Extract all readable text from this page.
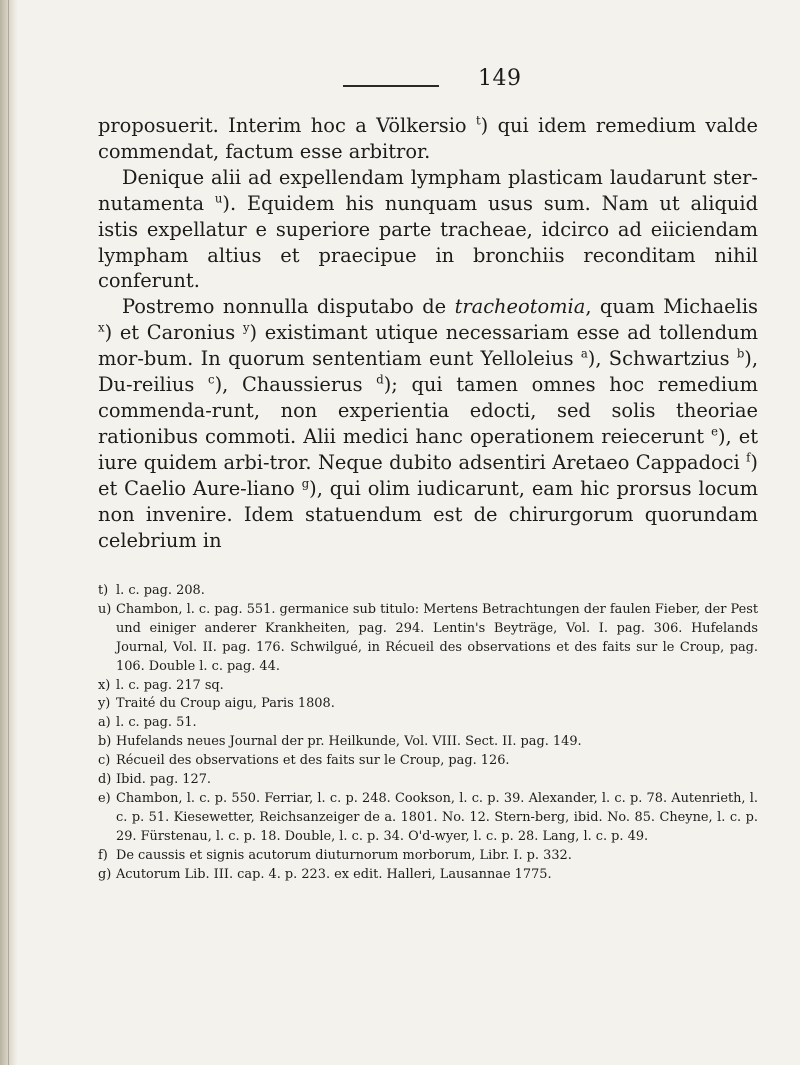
149

proposuerit. Interim hoc a Völkersio $^t$) qui idem remedium valde commendat, factum esse arbitror.

Denique alii ad expellendam lympham plasticam laudarunt ster-nutamenta $^u$). Equidem his nunquam usus sum. Nam ut aliquid istis expellatur e superiore parte tracheae, idcirco ad eiiciendam lympham altius et praecipue in bronchiis reconditam nihil conferunt.

Postremo nonnulla disputabo de tracheotomia, quam Michaelis $^x$) et Caronius $^y$) existimant utique necessariam esse ad tollendum mor-bum. In quorum sententiam eunt Yelloleius $^a$), Schwartzius $^b$), Du-reilius $^c$), Chaussierus $^d$); qui tamen omnes hoc remedium commenda-runt, non experientia edocti, sed solis theoriae rationibus commoti. Alii medici hanc operationem reiecerunt $^e$), et iure quidem arbi-tror. Neque dubito adsentiri Aretaeo Cappadoci $^f$) et Caelio Aure-liano $^g$), qui olim iudicarunt, eam hic prorsus locum non invenire. Idem statuendum est de chirurgorum quorundam celebrium in

t) l. c. pag. 208.

u) Chambon, l. c. pag. 551. germanice sub titulo: Mertens Betrachtungen der faulen Fieber, der Pest und einiger anderer Krankheiten, pag. 294. Lentin's Beyträge, Vol. I. pag. 306. Hufelands Journal, Vol. II. pag. 176. Schwilgué, in Récueil des observations et des faits sur le Croup, pag. 106. Double l. c. pag. 44.

x) l. c. pag. 217 sq.

y) Traité du Croup aigu, Paris 1808.

a) l. c. pag. 51.

b) Hufelands neues Journal der pr. Heilkunde, Vol. VIII. Sect. II. pag. 149.

c) Récueil des observations et des faits sur le Croup, pag. 126.

d) Ibid. pag. 127.

e) Chambon, l. c. p. 550. Ferriar, l. c. p. 248. Cookson, l. c. p. 39. Alexander, l. c. p. 78. Autenrieth, l. c. p. 51. Kiesewetter, Reichsanzeiger de a. 1801. No. 12. Stern-berg, ibid. No. 85. Cheyne, l. c. p. 29. Fürstenau, l. c. p. 18. Double, l. c. p. 34. O'd-wyer, l. c. p. 28. Lang, l. c. p. 49.

f) De caussis et signis acutorum diuturnorum morborum, Libr. I. p. 332.

g) Acutorum Lib. III. cap. 4. p. 223. ex edit. Halleri, Lausannae 1775.
